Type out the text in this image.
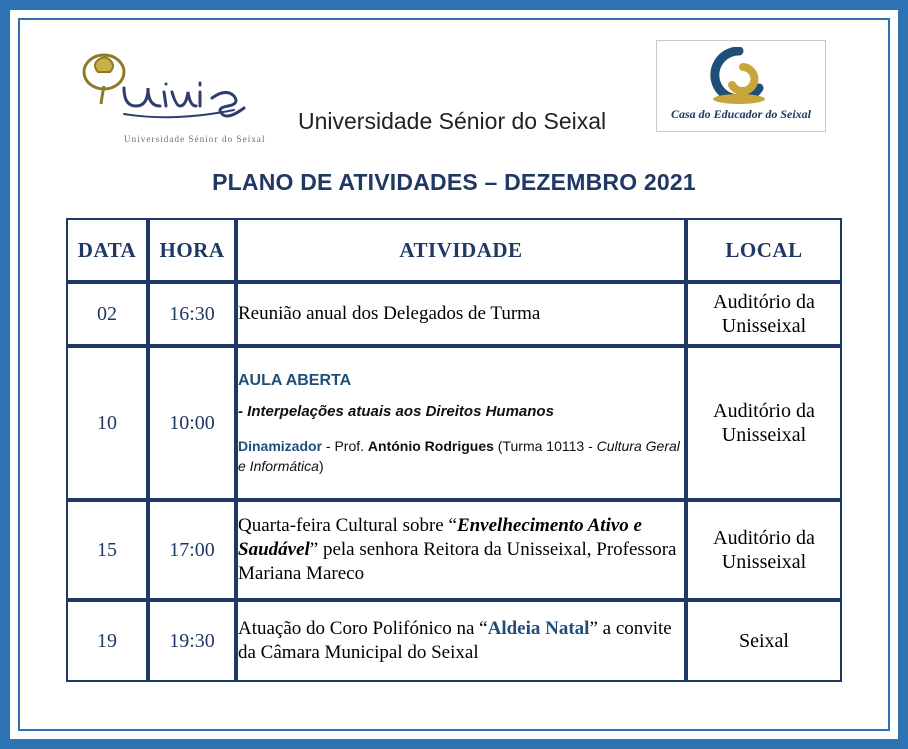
Universidade Sénior do Seixal
Universidade Sénior do Seixal	Casa do Educador do Seixal
PLANO DE ATIVIDADES – DEZEMBRO 2021
DATA	HORA	ATIVIDADE	LOCAL
02	16:30	Reunião anual dos Delegados de Turma	Auditório da Unisseixal
10	10:00	AULA ABERTA
- Interpelações atuais aos Direitos Humanos
Dinamizador - Prof. António Rodrigues (Turma 10113 - Cultura Geral e Informática)	Auditório da Unisseixal
15	17:00	Quarta-feira Cultural sobre “Envelhecimento Ativo e Saudável” pela senhora Reitora da Unisseixal, Professora Mariana Mareco	Auditório da Unisseixal
19	19:30	Atuação do Coro Polifónico na “Aldeia Natal” a convite da Câmara Municipal do Seixal	Seixal
